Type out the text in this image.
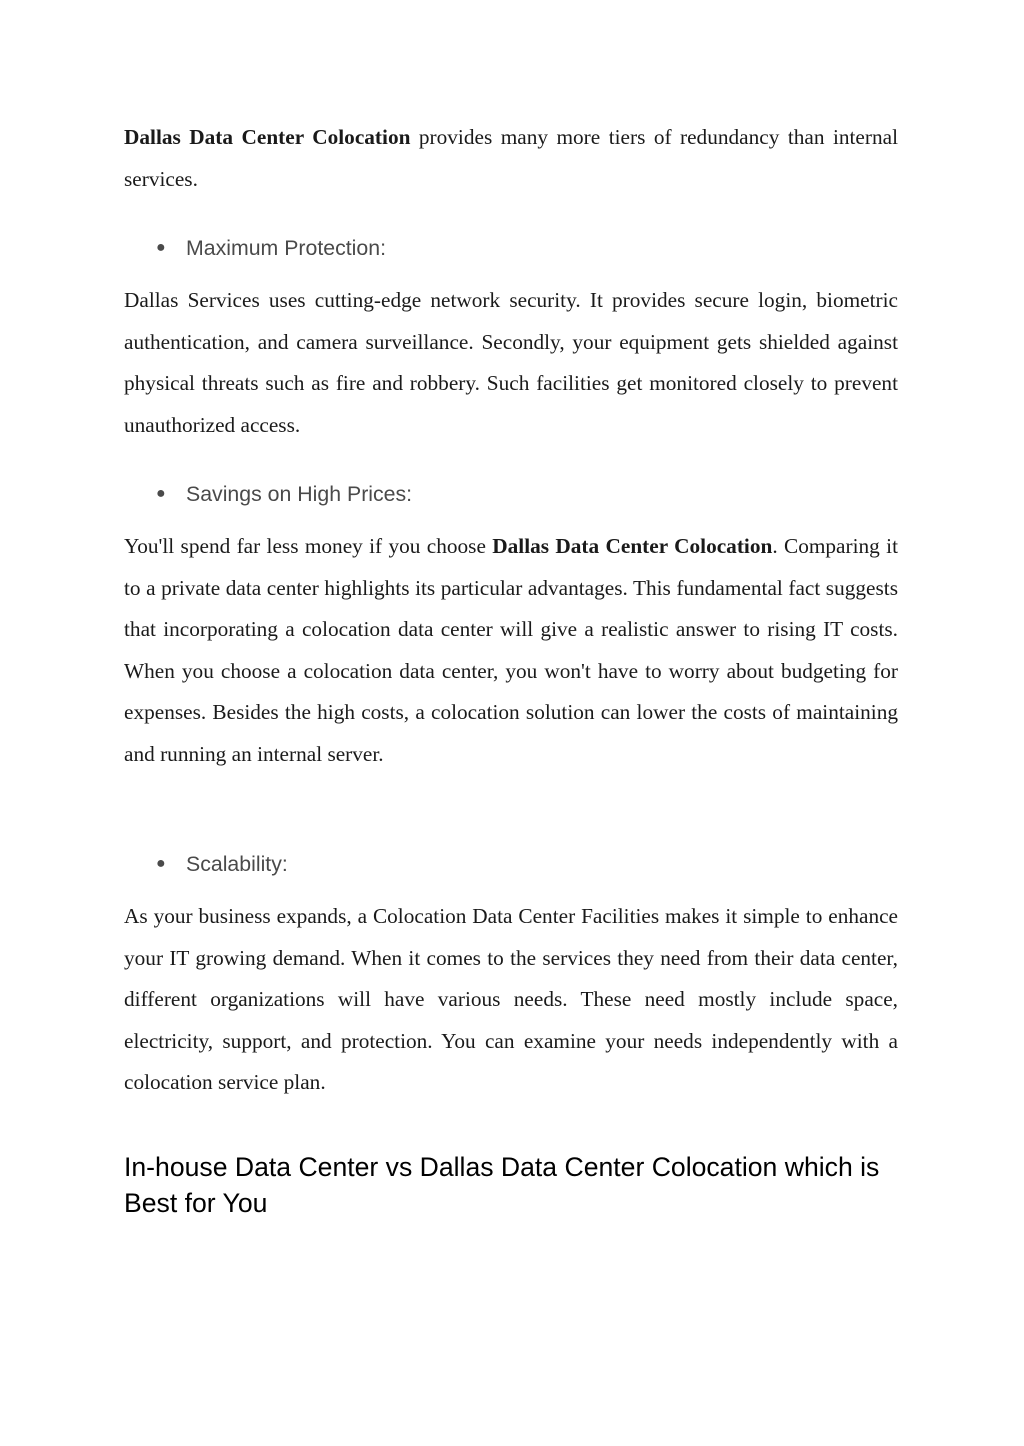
Dallas Data Center Colocation provides many more tiers of redundancy than internal services.

● Maximum Protection:

Dallas Services uses cutting-edge network security. It provides secure login, biometric authentication, and camera surveillance. Secondly, your equipment gets shielded against physical threats such as fire and robbery. Such facilities get monitored closely to prevent unauthorized access.

● Savings on High Prices:

You'll spend far less money if you choose Dallas Data Center Colocation. Comparing it to a private data center highlights its particular advantages. This fundamental fact suggests that incorporating a colocation data center will give a realistic answer to rising IT costs. When you choose a colocation data center, you won't have to worry about budgeting for expenses. Besides the high costs, a colocation solution can lower the costs of maintaining and running an internal server.

● Scalability:

As your business expands, a Colocation Data Center Facilities makes it simple to enhance your IT growing demand. When it comes to the services they need from their data center, different organizations will have various needs. These need mostly include space, electricity, support, and protection. You can examine your needs independently with a colocation service plan.

In-house Data Center vs Dallas Data Center Colocation which is Best for You
